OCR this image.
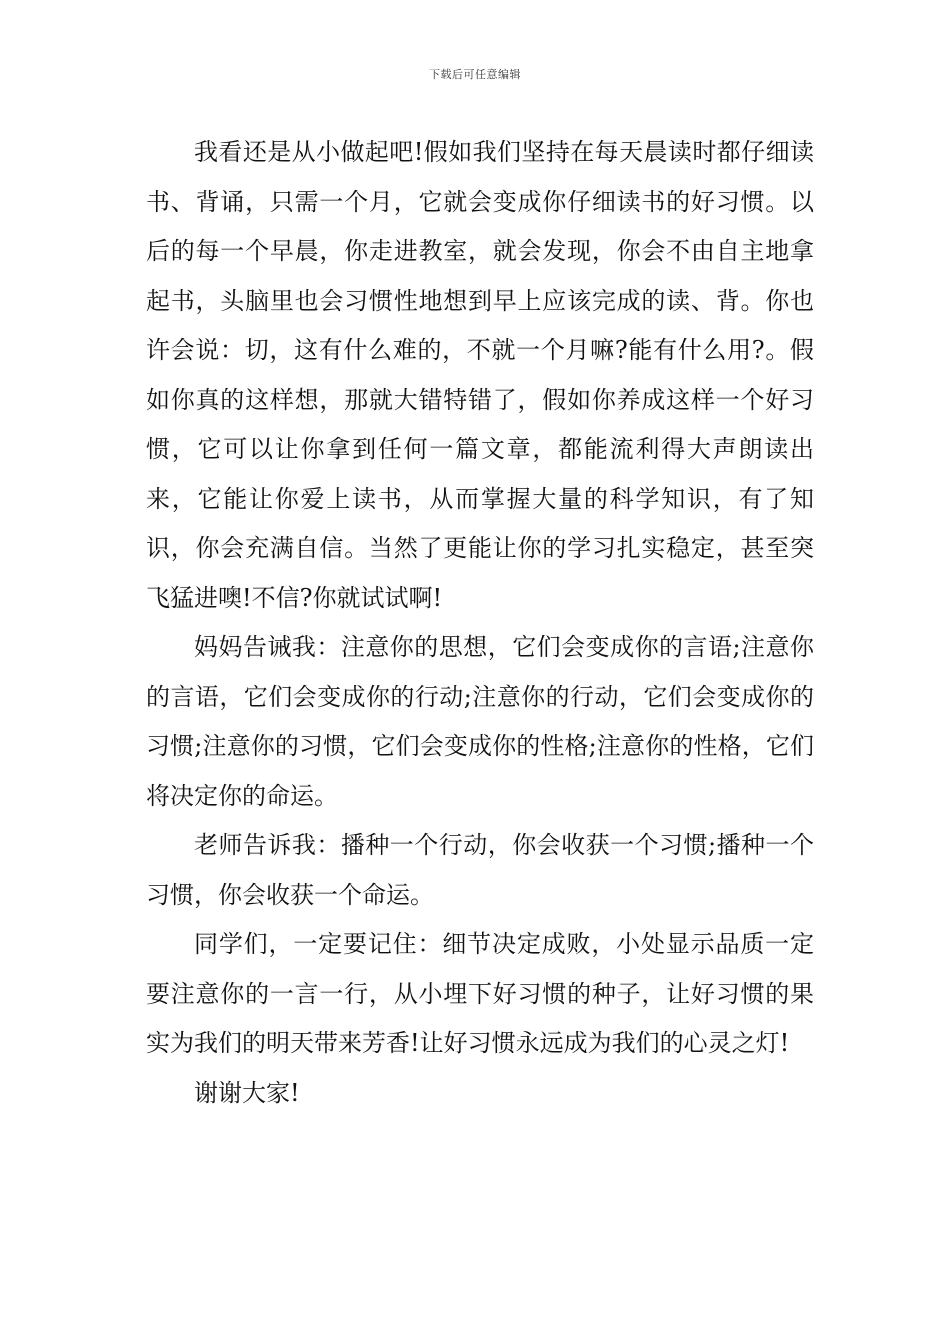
下载后可任意编辑

我看还是从小做起吧!假如我们坚持在每天晨读时都仔细读书、背诵，只需一个月，它就会变成你仔细读书的好习惯。以后的每一个早晨，你走进教室，就会发现，你会不由自主地拿起书，头脑里也会习惯性地想到早上应该完成的读、背。你也许会说：切，这有什么难的，不就一个月嘛?能有什么用?。假如你真的这样想，那就大错特错了，假如你养成这样一个好习惯，它可以让你拿到任何一篇文章，都能流利得大声朗读出来，它能让你爱上读书，从而掌握大量的科学知识，有了知识，你会充满自信。当然了更能让你的学习扎实稳定，甚至突飞猛进噢!不信?你就试试啊!

妈妈告诫我：注意你的思想，它们会变成你的言语;注意你的言语，它们会变成你的行动;注意你的行动，它们会变成你的习惯;注意你的习惯，它们会变成你的性格;注意你的性格，它们将决定你的命运。

老师告诉我：播种一个行动，你会收获一个习惯;播种一个习惯，你会收获一个命运。

同学们，一定要记住：细节决定成败，小处显示品质一定要注意你的一言一行，从小埋下好习惯的种子，让好习惯的果实为我们的明天带来芳香!让好习惯永远成为我们的心灵之灯!

谢谢大家!
